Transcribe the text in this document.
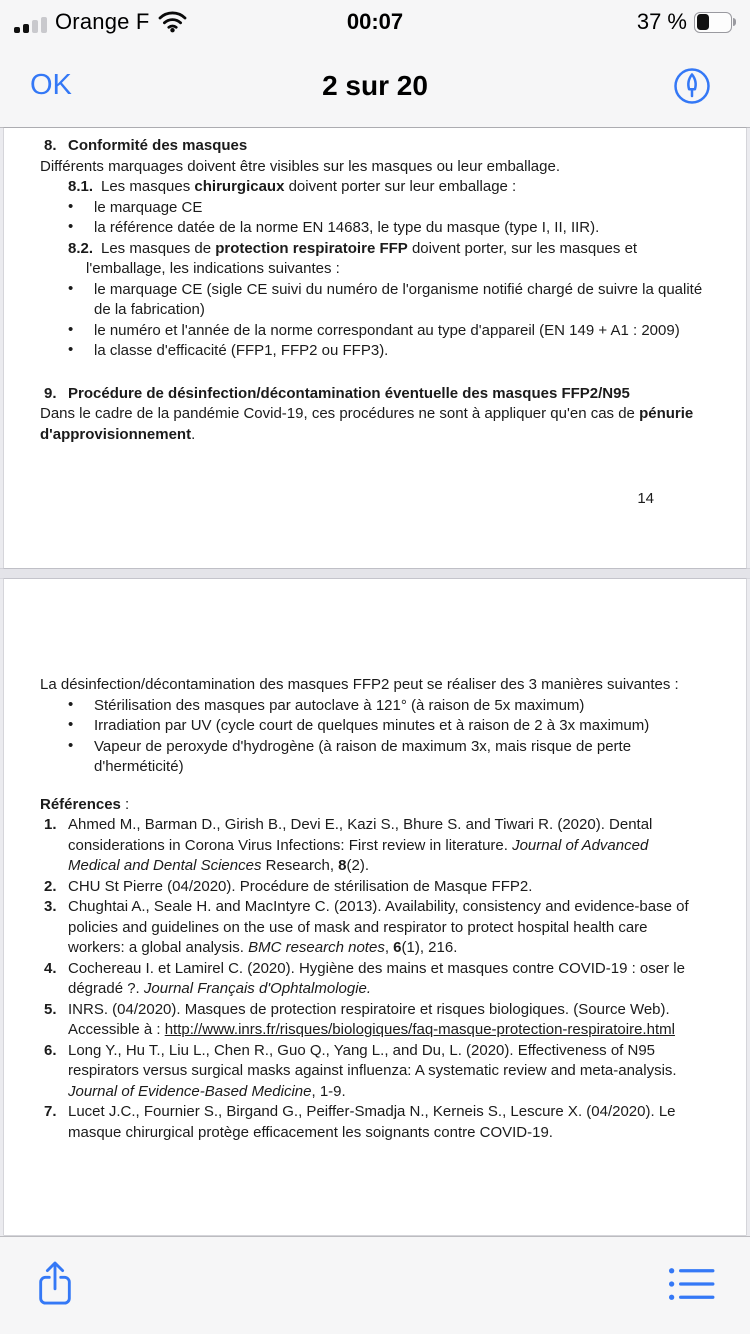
Orange F	00:07	37 %
OK	2 sur 20
8. Conformité des masques
Différents marquages doivent être visibles sur les masques ou leur emballage.
8.1. Les masques chirurgicaux doivent porter sur leur emballage :
• le marquage CE
• la référence datée de la norme EN 14683, le type du masque (type I, II, IIR).
8.2. Les masques de protection respiratoire FFP doivent porter, sur les masques et l'emballage, les indications suivantes :
• le marquage CE (sigle CE suivi du numéro de l'organisme notifié chargé de suivre la qualité de la fabrication)
• le numéro et l'année de la norme correspondant au type d'appareil (EN 149 + A1 : 2009)
• la classe d'efficacité (FFP1, FFP2 ou FFP3).
9. Procédure de désinfection/décontamination éventuelle des masques FFP2/N95
Dans le cadre de la pandémie Covid-19, ces procédures ne sont à appliquer qu'en cas de pénurie d'approvisionnement.
14
La désinfection/décontamination des masques FFP2 peut se réaliser des 3 manières suivantes :
• Stérilisation des masques par autoclave à 121° (à raison de 5x maximum)
• Irradiation par UV (cycle court de quelques minutes et à raison de 2 à 3x maximum)
• Vapeur de peroxyde d'hydrogène (à raison de maximum 3x, mais risque de perte d'herméticité)
Références :
1. Ahmed M., Barman D., Girish B., Devi E., Kazi S., Bhure S. and Tiwari R. (2020). Dental considerations in Corona Virus Infections: First review in literature. Journal of Advanced Medical and Dental Sciences Research, 8(2).
2. CHU St Pierre (04/2020). Procédure de stérilisation de Masque FFP2.
3. Chughtai A., Seale H. and MacIntyre C. (2013). Availability, consistency and evidence-base of policies and guidelines on the use of mask and respirator to protect hospital health care workers: a global analysis. BMC research notes, 6(1), 216.
4. Cochereau I. et Lamirel C. (2020). Hygiène des mains et masques contre COVID-19 : oser le dégradé ?. Journal Français d'Ophtalmologie.
5. INRS. (04/2020). Masques de protection respiratoire et risques biologiques. (Source Web). Accessible à : http://www.inrs.fr/risques/biologiques/faq-masque-protection-respiratoire.html
6. Long Y., Hu T., Liu L., Chen R., Guo Q., Yang L., and Du, L. (2020). Effectiveness of N95 respirators versus surgical masks against influenza: A systematic review and meta-analysis. Journal of Evidence-Based Medicine, 1-9.
7. Lucet J.C., Fournier S., Birgand G., Peiffer-Smadja N., Kerneis S., Lescure X. (04/2020). Le masque chirurgical protège efficacement les soignants contre COVID-19.
